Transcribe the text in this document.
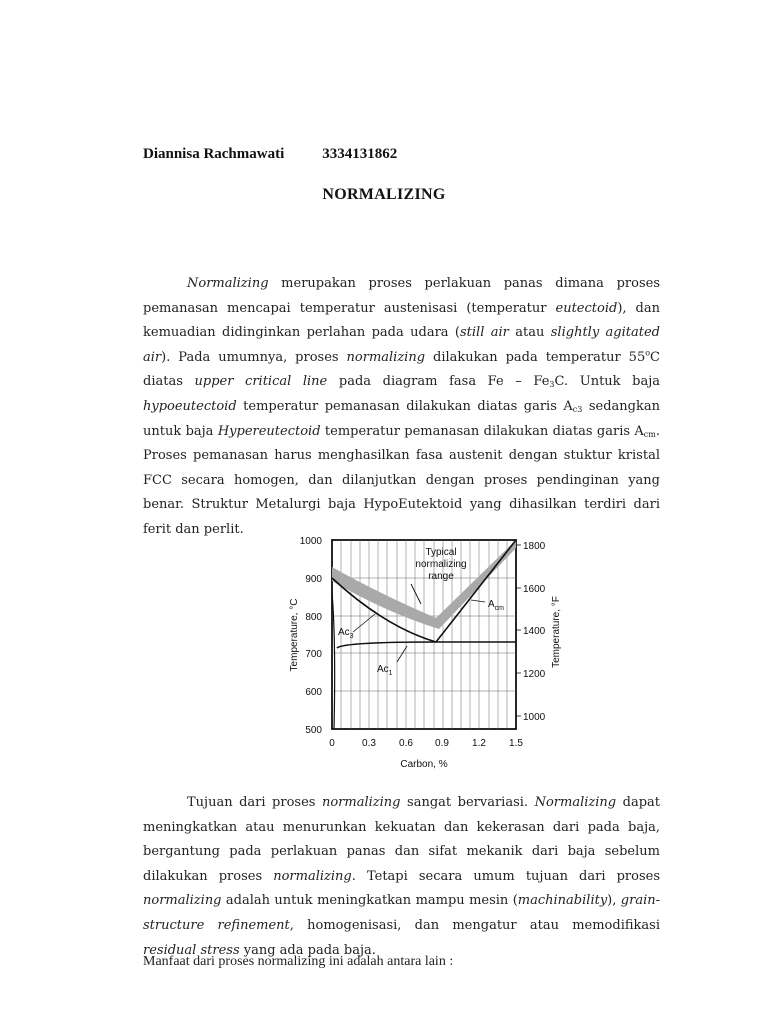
Diannisa Rachmawati	3334131862
NORMALIZING
Normalizing merupakan proses perlakuan panas dimana proses pemanasan mencapai temperatur austenisasi (temperatur eutectoid), dan kemuadian didinginkan perlahan pada udara (still air atau slightly agitated air). Pada umumnya, proses normalizing dilakukan pada temperatur 55$^o$C diatas upper critical line pada diagram fasa Fe – $Fe_3C$. Untuk baja hypoeutectoid temperatur pemanasan dilakukan diatas garis $A_{c3}$ sedangkan untuk baja Hypereutectoid temperatur pemanasan dilakukan diatas garis $A_{cm}$. Proses pemanasan harus menghasilkan fasa austenit dengan stuktur kristal FCC secara homogen, dan dilanjutkan dengan proses pendinginan yang benar. Struktur Metalurgi baja HypoEutektoid yang dihasilkan terdiri dari ferit dan perlit.
Typical
normalizing
range
$A_{cm}$
$Ac_3$
$Ac_1$
1000
900
800
700
600
500
1800
1600
1400
1200
1000
0	0.3 0.6 0.9 1.2 1.5
Carbon, %
Temperature, °C	Temperature, °F
Tujuan dari proses normalizing sangat bervariasi. Normalizing dapat meningkatkan atau menurunkan kekuatan dan kekerasan dari pada baja, bergantung pada perlakuan panas dan sifat mekanik dari baja sebelum dilakukan proses normalizing. Tetapi secara umum tujuan dari proses normalizing adalah untuk meningkatkan mampu mesin (machinability), grain-structure refinement, homogenisasi, dan mengatur atau memodifikasi residual stress yang ada pada baja.
Manfaat dari proses normalizing ini adalah antara lain :
